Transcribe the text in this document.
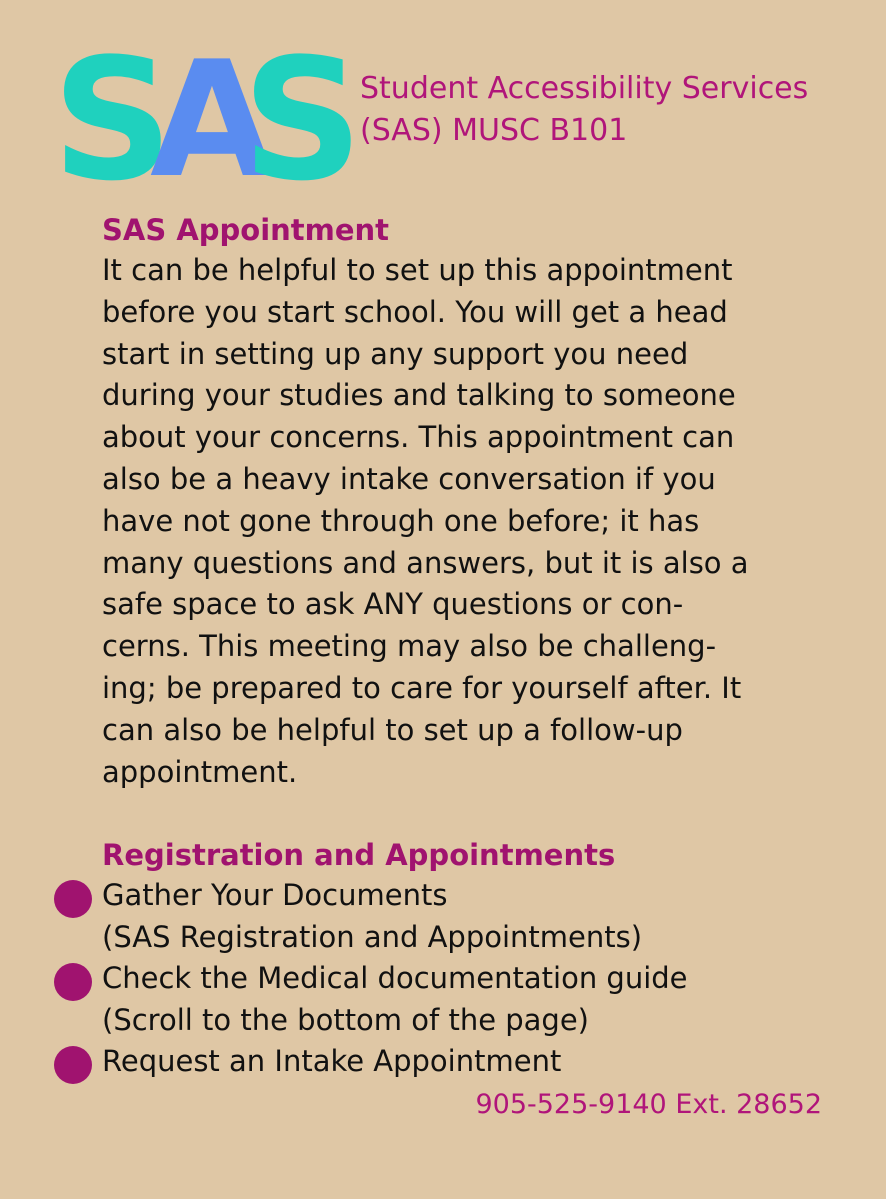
S
A
S
Student Accessibility Services
(SAS) MUSC B101
SAS Appointment

It can be helpful to set up this appointment
before you start school. You will get a head
start in setting up any support you need
during your studies and talking to someone
about your concerns. This appointment can
also be a heavy intake conversation if you
have not gone through one before; it has
many questions and answers, but it is also a
safe space to ask ANY questions or con-
cerns. This meeting may also be challeng-
ing; be prepared to care for yourself after. It
can also be helpful to set up a follow-up
appointment.

Registration and Appointments
Gather Your Documents
(SAS Registration and Appointments)
Check the Medical documentation guide
(Scroll to the bottom of the page)
Request an Intake Appointment
905-525-9140 Ext. 28652
